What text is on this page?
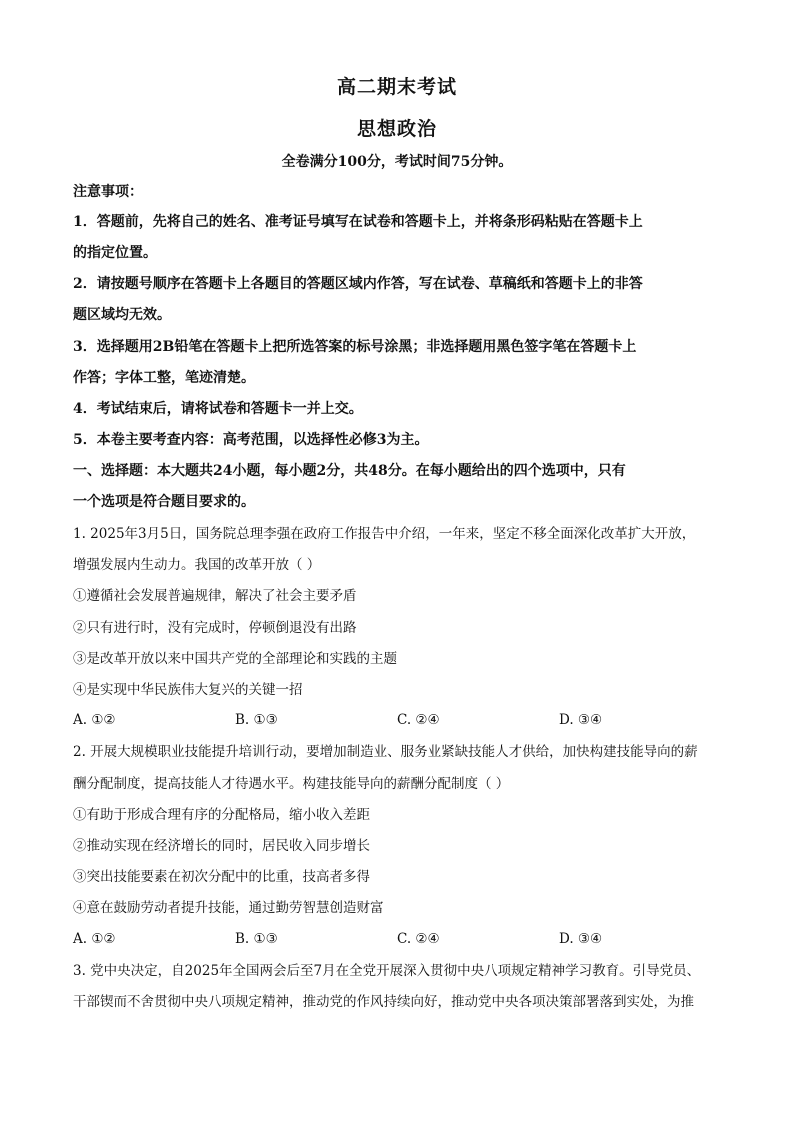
高二期末考试
思想政治
全卷满分100分，考试时间75分钟。
注意事项：
1．答题前，先将自己的姓名、准考证号填写在试卷和答题卡上，并将条形码粘贴在答题卡上
的指定位置。
2．请按题号顺序在答题卡上各题目的答题区域内作答，写在试卷、草稿纸和答题卡上的非答
题区域均无效。
3．选择题用2B铅笔在答题卡上把所选答案的标号涂黑；非选择题用黑色签字笔在答题卡上
作答；字体工整，笔迹清楚。
4．考试结束后，请将试卷和答题卡一并上交。
5．本卷主要考查内容：高考范围，以选择性必修3为主。
一、选择题：本大题共24小题，每小题2分，共48分。在每小题给出的四个选项中，只有
一个选项是符合题目要求的。
1. 2025年3月5日，国务院总理李强在政府工作报告中介绍，一年来，坚定不移全面深化改革扩大开放，
增强发展内生动力。我国的改革开放（ ）
①遵循社会发展普遍规律，解决了社会主要矛盾
②只有进行时，没有完成时，停顿倒退没有出路
③是改革开放以来中国共产党的全部理论和实践的主题
④是实现中华民族伟大复兴的关键一招
A. ①②	B. ①③	C. ②④	D. ③④
2. 开展大规模职业技能提升培训行动，要增加制造业、服务业紧缺技能人才供给，加快构建技能导向的薪
酬分配制度，提高技能人才待遇水平。构建技能导向的薪酬分配制度（ ）
①有助于形成合理有序的分配格局，缩小收入差距
②推动实现在经济增长的同时，居民收入同步增长
③突出技能要素在初次分配中的比重，技高者多得
④意在鼓励劳动者提升技能，通过勤劳智慧创造财富
A. ①②	B. ①③	C. ②④	D. ③④
3. 党中央决定，自2025年全国两会后至7月在全党开展深入贯彻中央八项规定精神学习教育。引导党员、
干部锲而不舍贯彻中央八项规定精神，推动党的作风持续向好，推动党中央各项决策部署落到实处，为推
